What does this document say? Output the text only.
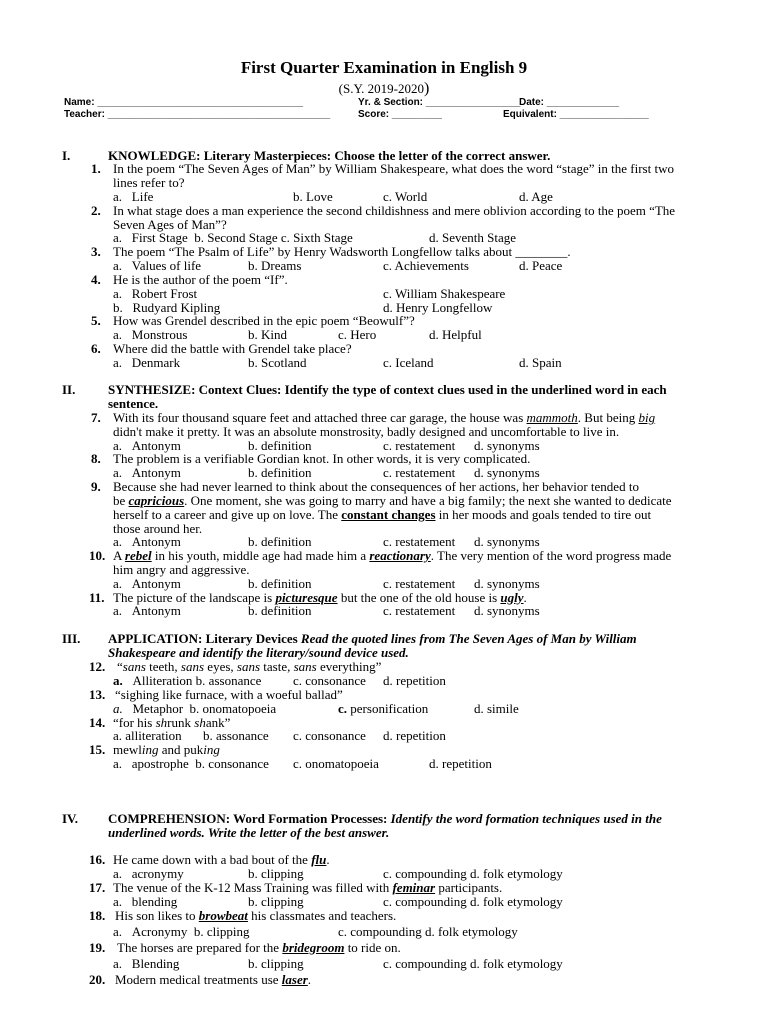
First Quarter Examination in English 9
(S.Y. 2019-2020)
Name: _____________________________________	Yr. & Section: _________________
Date: _____________
Teacher: ________________________________________	Score: _________	Equivalent: ________________
I.	KNOWLEDGE: Literary Masterpieces: Choose the letter of the correct answer.
1. In the poem “The Seven Ages of Man” by William Shakespeare, what does the word “stage” in the first two
lines refer to?
a.   Life	b. Love	c. World	d. Age
2. In what stage does a man experience the second childishness and mere oblivion according to the poem “The
Seven Ages of Man”?
a.   First Stage  b. Second Stage c. Sixth Stage	d. Seventh Stage
3. The poem “The Psalm of Life” by Henry Wadsworth Longfellow talks about ________.
a.   Values of life	b. Dreams	c. Achievements	d. Peace
4. He is the author of the poem “If”.
a.   Robert Frost	c. William Shakespeare
b.   Rudyard Kipling	d. Henry Longfellow
5. How was Grendel described in the epic poem “Beowulf”?
a.   Monstrous	b. Kind	c. Hero	d. Helpful
6. Where did the battle with Grendel take place?
a.   Denmark	b. Scotland	c. Iceland	d. Spain
II.	SYNTHESIZE: Context Clues: Identify the type of context clues used in the underlined word in each
sentence.
7. With its four thousand square feet and attached three car garage, the house was mammoth. But being big
didn't make it pretty. It was an absolute monstrosity, badly designed and uncomfortable to live in.
a.   Antonym	b. definition	c. restatement d. synonyms
8. The problem is a verifiable Gordian knot. In other words, it is very complicated.
a.   Antonym	b. definition	c. restatement d. synonyms
9. Because she had never learned to think about the consequences of her actions, her behavior tended to
be capricious. One moment, she was going to marry and have a big family; the next she wanted to dedicate
herself to a career and give up on love. The constant changes in her moods and goals tended to tire out
those around her.
a.   Antonym	b. definition	c. restatement d. synonyms
10. A rebel in his youth, middle age had made him a reactionary. The very mention of the word progress made
him angry and aggressive.
a.   Antonym	b. definition	c. restatement d. synonyms
11. The picture of the landscape is picturesque but the one of the old house is ugly.
a.   Antonym	b. definition	c. restatement d. synonyms
III. APPLICATION: Literary Devices Read the quoted lines from The Seven Ages of Man by William
Shakespeare and identify the literary/sound device used.
12. “sans teeth, sans eyes, sans taste, sans everything”
a.   Alliteration b. assonance c. consonance d. repetition
13. “sighing like furnace, with a woeful ballad”
a.   Metaphor  b. onomatopoeia	c. personification	d. simile
14. “for his shrunk shank”
a. alliteration b. assonance c. consonance d. repetition
15. mewling and puking
a.   apostrophe  b. consonance c. onomatopoeia	d. repetition
IV. COMPREHENSION: Word Formation Processes: Identify the word formation techniques used in the
underlined words. Write the letter of the best answer.
16. He came down with a bad bout of the flu.
a.   acronymy	b. clipping	c. compounding d. folk etymology
17. The venue of the K-12 Mass Training was filled with feminar participants.
a.   blending	b. clipping	c. compounding d. folk etymology
18. His son likes to browbeat his classmates and teachers.
a.   Acronymy  b. clipping	c. compounding d. folk etymology
19. The horses are prepared for the bridegroom to ride on.
a.   Blending	b. clipping	c. compounding d. folk etymology
20. Modern medical treatments use laser.
